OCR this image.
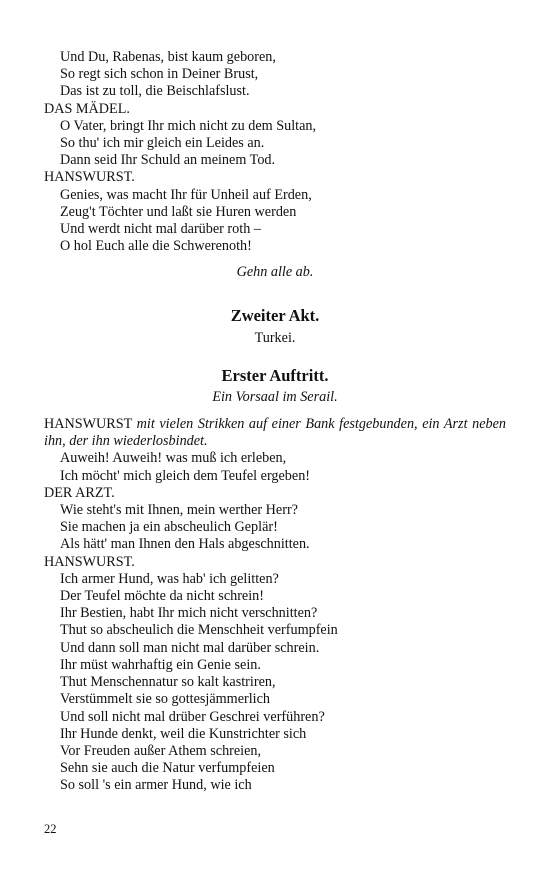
Und Du, Rabenas, bist kaum geboren,
So regt sich schon in Deiner Brust,
Das ist zu toll, die Beischlafslust.
DAS MÄDEL.
O Vater, bringt Ihr mich nicht zu dem Sultan,
So thu' ich mir gleich ein Leides an.
Dann seid Ihr Schuld an meinem Tod.
HANSWURST.
Genies, was macht Ihr für Unheil auf Erden,
Zeug't Töchter und laßt sie Huren werden
Und werdt nicht mal darüber roth –
O hol Euch alle die Schwerenoth!
Gehn alle ab.
Zweiter Akt.
Turkei.
Erster Auftritt.
Ein Vorsaal im Serail.
HANSWURST mit vielen Strikken auf einer Bank festgebunden, ein Arzt neben ihn, der ihn wiederlosbindet.
Auweih! Auweih! was muß ich erleben,
Ich möcht' mich gleich dem Teufel ergeben!
DER ARZT.
Wie steht's mit Ihnen, mein werther Herr?
Sie machen ja ein abscheulich Geplär!
Als hätt' man Ihnen den Hals abgeschnitten.
HANSWURST.
Ich armer Hund, was hab' ich gelitten?
Der Teufel möchte da nicht schrein!
Ihr Bestien, habt Ihr mich nicht verschnitten?
Thut so abscheulich die Menschheit verfumpfein
Und dann soll man nicht mal darüber schrein.
Ihr müst wahrhaftig ein Genie sein.
Thut Menschennatur so kalt kastriren,
Verstümmelt sie so gottesjämmerlich
Und soll nicht mal drüber Geschrei verführen?
Ihr Hunde denkt, weil die Kunstrichter sich
Vor Freuden außer Athem schreien,
Sehn sie auch die Natur verfumpfeien
So soll 's ein armer Hund, wie ich
22
